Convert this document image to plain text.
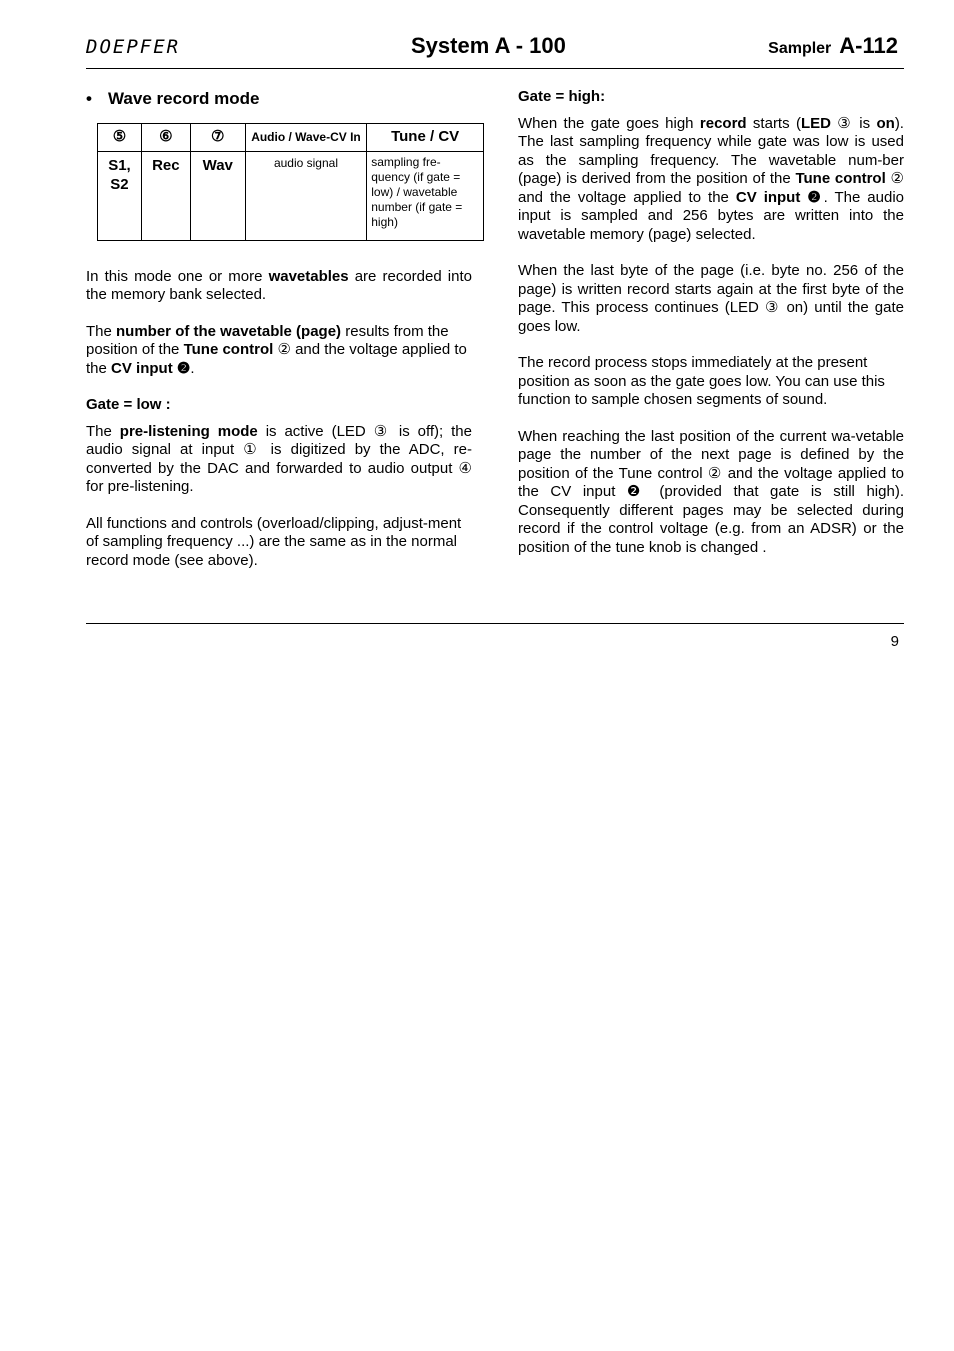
DOEPFER	System A - 100	Sampler A-112
• Wave record mode
⑤	⑥	⑦	Audio / Wave-CV In	Tune / CV
S1, S2	Rec	Wav	audio signal	sampling fre-quency (if gate = low) / wavetable number (if gate = high)

In this mode one or more wavetables are recorded into the memory bank selected.

The number of the wavetable (page) results from the position of the Tune control ② and the voltage applied to the CV input ❷.

Gate = low :

The pre-listening mode is active (LED ③ is off); the audio signal at input ① is digitized by the ADC, re-converted by the DAC and forwarded to audio output ④ for pre-listening.

All functions and controls (overload/clipping, adjust-ment of sampling frequency ...) are the same as in the normal record mode (see above).

Gate = high:

When the gate goes high record starts (LED ③ is on). The last sampling frequency while gate was low is used as the sampling frequency. The wavetable num-ber (page) is derived from the position of the Tune control ② and the voltage applied to the CV input ❷. The audio input is sampled and 256 bytes are written into the wavetable memory (page) selected.

When the last byte of the page (i.e. byte no. 256 of the page) is written record starts again at the first byte of the page. This process continues (LED ③ on) until the gate goes low.

The record process stops immediately at the present position as soon as the gate goes low. You can use this function to sample chosen segments of sound.

When reaching the last position of the current wa-vetable page the number of the next page is defined by the position of the Tune control ② and the voltage applied to the CV input ❷ (provided that gate is still high). Consequently different pages may be selected during record if the control voltage (e.g. from an ADSR) or the position of the tune knob is changed .

9
